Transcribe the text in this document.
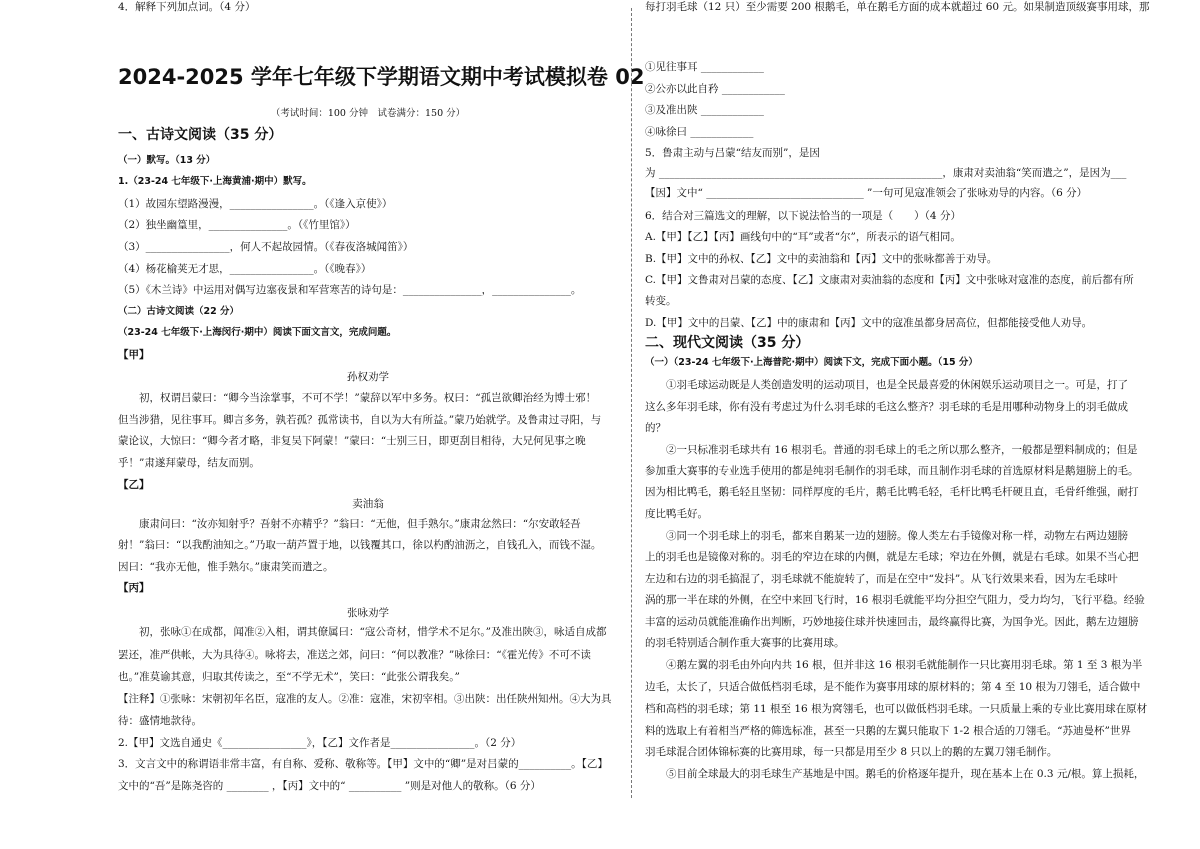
2024-2025 学年七年级下学期语文期中考试模拟卷 02
（考试时间：100 分钟　试卷满分：150 分）
一、古诗文阅读（35 分）
（一）默写。（13 分）
1.（23-24 七年级下·上海黄浦·期中）默写。
（1）故园东望路漫漫，________________。（《逢入京使》）
（2）独坐幽篁里，_______________。（《竹里馆》）
（3）________________，何人不起故园情。（《春夜洛城闻笛》）
（4）杨花榆荚无才思，________________。（《晚春》）
（5）《木兰诗》中运用对偶写边塞夜景和军营寒苦的诗句是：_______________，_______________。
（二）古诗文阅读（22 分）
（23-24 七年级下·上海闵行·期中）阅读下面文言文，完成问题。
【甲】
孙权劝学
初，权谓吕蒙曰：“卿今当涂掌事，不可不学！”蒙辞以军中多务。权曰：“孤岂欲卿治经为博士邪！
但当涉猎，见往事耳。卿言多务，孰若孤？孤常读书，自以为大有所益。”蒙乃始就学。及鲁肃过寻阳，与
蒙论议，大惊曰：“卿今者才略，非复吴下阿蒙！”蒙曰：“士别三日，即更刮目相待，大兄何见事之晚
乎！”肃遂拜蒙母，结友而别。
【乙】
卖油翁
康肃问曰：“汝亦知射乎？吾射不亦精乎？”翁曰：“无他，但手熟尔。”康肃忿然曰：“尔安敢轻吾
射！”翁曰：“以我酌油知之。”乃取一葫芦置于地，以钱覆其口，徐以杓酌油沥之，自钱孔入，而钱不湿。
因曰：“我亦无他，惟手熟尔。”康肃笑而遣之。
【丙】
张咏劝学
初，张咏①在成都，闻准②入相，谓其僚属曰：“寇公奇材，惜学术不足尔。”及准出陕③，咏适自成都
罢还，准严供帐，大为具待④。咏将去，准送之郊，问曰：“何以教准？”咏徐曰：“《霍光传》不可不读
也。”准莫谕其意，归取其传读之，至“不学无术”，笑曰：“此张公谓我矣。”
【注释】①张咏：宋朝初年名臣，寇准的友人。②准：寇准，宋初宰相。③出陕：出任陕州知州。④大为具
待：盛情地款待。
2.【甲】文选自通史《________________》，【乙】文作者是________________。（2 分）
3．文言文中的称谓语非常丰富，有自称、爱称、敬称等。【甲】文中的“卿”是对吕蒙的__________。【乙】
文中的“吾”是陈尧咨的 ________ ，【丙】文中的“ __________ ”则是对他人的敬称。（6 分）
4．解释下列加点词。（4 分）
①见往事耳 ____________
②公亦以此自矜 ____________
③及准出陕 ____________
④咏徐曰 ____________
5．鲁肃主动与吕蒙“结友而别”，是因
为 ______________________________________________________，康肃对卖油翁“笑而遣之”，是因为___
【因】文中“ ______________________________ ”一句可见寇准领会了张咏劝导的内容。（6 分）
6．结合对三篇选文的理解，以下说法恰当的一项是（　　）（4 分）
A.【甲】【乙】【丙】画线句中的“耳”或者“尔”，所表示的语气相同。
B.【甲】文中的孙权、【乙】文中的卖油翁和【丙】文中的张咏都善于劝导。
C.【甲】文鲁肃对吕蒙的态度、【乙】文康肃对卖油翁的态度和【丙】文中张咏对寇准的态度，前后都有所
转变。
D.【甲】文中的吕蒙、【乙】中的康肃和【丙】文中的寇准虽都身居高位，但都能接受他人劝导。
二、现代文阅读（35 分）
（一）（23-24 七年级下·上海普陀·期中）阅读下文，完成下面小题。（15 分）
①羽毛球运动既是人类创造发明的运动项目，也是全民最喜爱的休闲娱乐运动项目之一。可是，打了
这么多年羽毛球，你有没有考虑过为什么羽毛球的毛这么整齐？羽毛球的毛是用哪种动物身上的羽毛做成
的？
②一只标准羽毛球共有 16 根羽毛。普通的羽毛球上的毛之所以那么整齐，一般都是塑料制成的；但是
参加重大赛事的专业选手使用的都是纯羽毛制作的羽毛球，而且制作羽毛球的首选原材料是鹅翅膀上的毛。
因为相比鸭毛，鹅毛轻且坚韧：同样厚度的毛片，鹅毛比鸭毛轻，毛杆比鸭毛杆硬且直，毛骨纤维强，耐打
度比鸭毛好。
③同一个羽毛球上的羽毛，都来自鹅某一边的翅膀。像人类左右手镜像对称一样，动物左右两边翅膀
上的羽毛也是镜像对称的。羽毛的窄边在球的内侧，就是左毛球；窄边在外侧，就是右毛球。如果不当心把
左边和右边的羽毛搞混了，羽毛球就不能旋转了，而是在空中“发抖”。从飞行效果来看，因为左毛球叶
涡的那一半在球的外侧，在空中来回飞行时，16 根羽毛就能平均分担空气阻力，受力均匀，飞行平稳。经验
丰富的运动员就能准确作出判断，巧妙地接住球并快速回击，最终赢得比赛，为国争光。因此，鹅左边翅膀
的羽毛特别适合制作重大赛事的比赛用球。
④鹅左翼的羽毛由外向内共 16 根，但并非这 16 根羽毛就能制作一只比赛用羽毛球。第 1 至 3 根为半
边毛，太长了，只适合做低档羽毛球，是不能作为赛事用球的原材料的；第 4 至 10 根为刀翎毛，适合做中
档和高档的羽毛球；第 11 根至 16 根为窝翎毛，也可以做低档羽毛球。一只质量上乘的专业比赛用球在原材
料的选取上有着相当严格的筛选标准，甚至一只鹅的左翼只能取下 1-2 根合适的刀翎毛。“苏迪曼杯”世界
羽毛球混合团体锦标赛的比赛用球，每一只都是用至少 8 只以上的鹅的左翼刀翎毛制作。
⑤目前全球最大的羽毛球生产基地是中国。鹅毛的价格逐年提升，现在基本上在 0.3 元/根。算上损耗，
每打羽毛球（12 只）至少需要 200 根鹅毛，单在鹅毛方面的成本就超过 60 元。如果制造顶级赛事用球，那
